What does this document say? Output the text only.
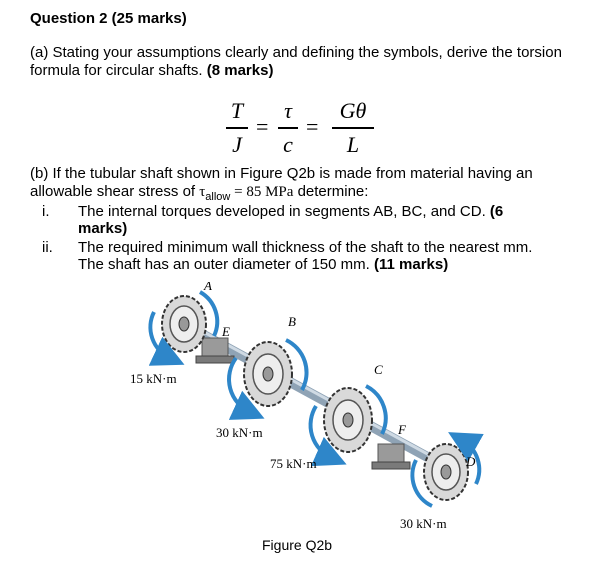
Question 2 (25 marks)
(a) Stating your assumptions clearly and defining the symbols, derive the torsion formula for circular shafts. (8 marks)
T
J
=
τ
c
=
Gθ
L
(b) If the tubular shaft shown in Figure Q2b is made from material having an
allowable shear stress of $\tau_{allow} = 85$ MPa determine:
i. The internal torques developed in segments AB, BC, and CD. (6
marks)
ii. The required minimum wall thickness of the shaft to the nearest mm.
The shaft has an outer diameter of 150 mm. (11 marks)
A
E
B
C
F
D
15 kN·m
30 kN·m
75 kN·m
30 kN·m
Figure Q2b
